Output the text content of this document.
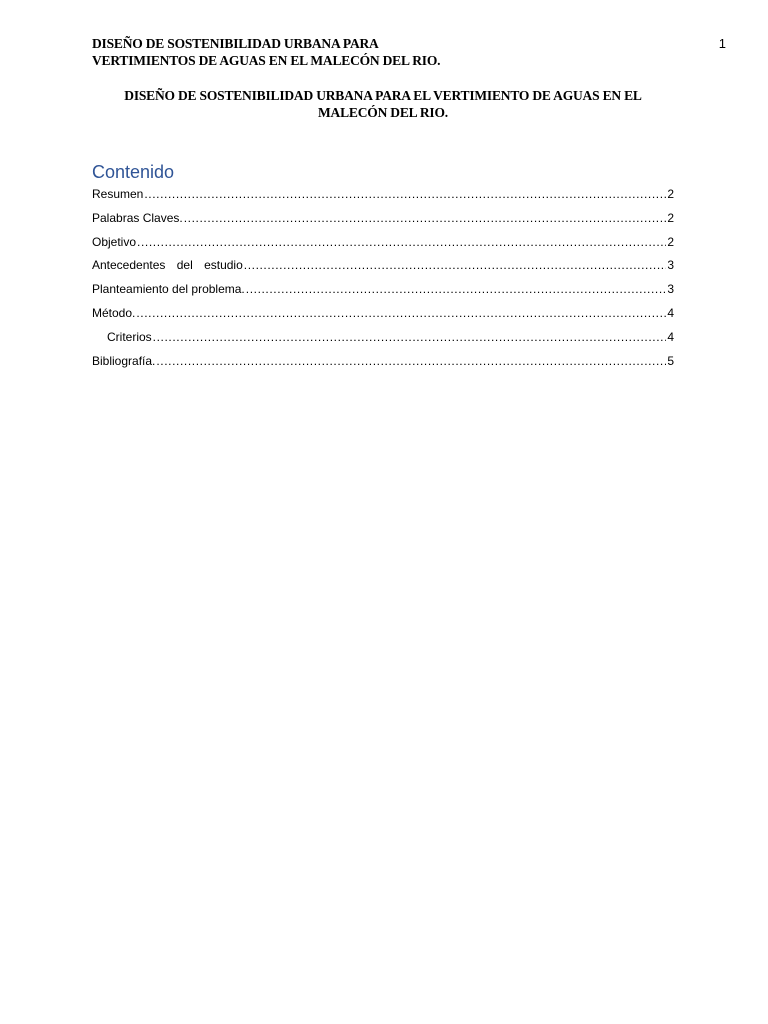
DISEÑO DE SOSTENIBILIDAD URBANA PARA
VERTIMIENTOS DE AGUAS EN EL MALECÓN DEL RIO.
1
DISEÑO DE SOSTENIBILIDAD URBANA PARA EL VERTIMIENTO DE AGUAS EN EL
MALECÓN DEL RIO.
Contenido
Resumen .....	2
Palabras Claves. .....	2
Objetivo .....	2
Antecedentes del estudio .....	3
Planteamiento del problema. .....	3
Método. .....	4
Criterios .....	4
Bibliografía. .....	5
